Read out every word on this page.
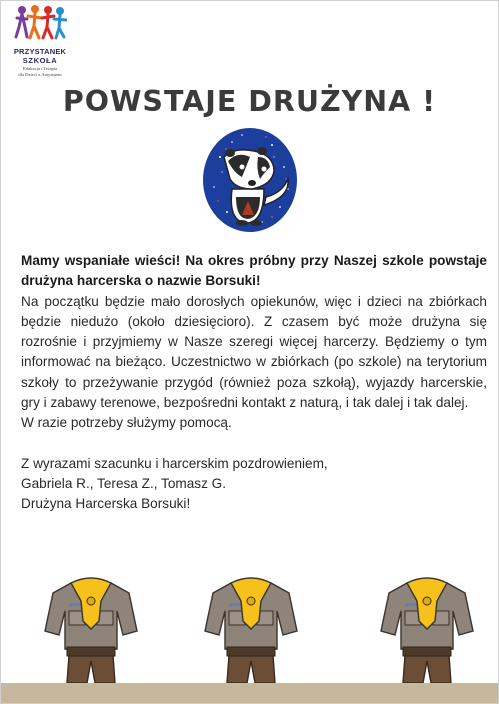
PRZYSTANEK
SZKOŁA
Edukacja i Terapia
dla Dzieci z Autyzmem
POWSTAJE DRUŻYNA !

Mamy wspaniałe wieści! Na okres próbny przy Naszej szkole powstaje drużyna harcerska o nazwie Borsuki!

Na początku będzie mało dorosłych opiekunów, więc i dzieci na zbiórkach będzie niedużo (około dziesięcioro). Z czasem być może drużyna się rozrośnie i przyjmiemy w Nasze szeregi więcej harcerzy. Będziemy o tym informować na bieżąco. Uczestnictwo w zbiórkach (po szkole) na terytorium szkoły to przeżywanie przygód (również poza szkołą), wyjazdy harcerskie, gry i zabawy terenowe, bezpośredni kontakt z naturą, i tak dalej i tak dalej.

W razie potrzeby służymy pomocą.

Z wyrazami szacunku i harcerskim pozdrowieniem,

Gabriela R., Teresa Z., Tomasz G.

Drużyna Harcerska Borsuki!
